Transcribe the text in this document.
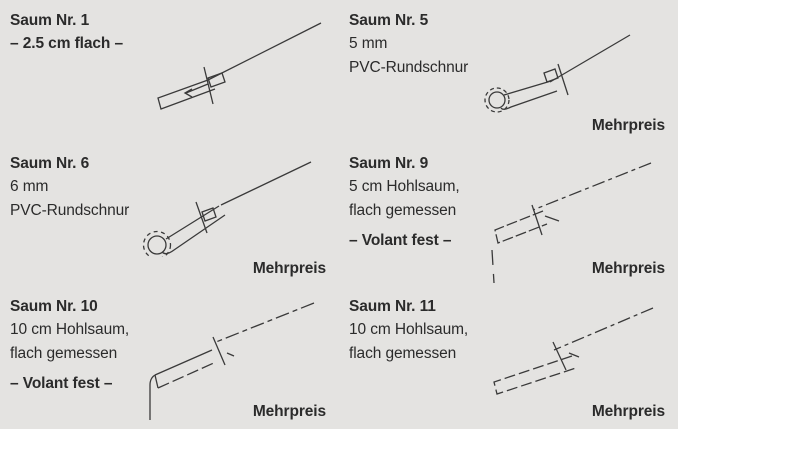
Saum Nr. 1
– 2.5 cm flach –
Saum Nr. 5
5 mm
PVC-Rundschnur
Mehrpreis
Saum Nr. 6
6 mm
PVC-Rundschnur
Mehrpreis
Saum Nr. 9
5 cm Hohlsaum,
flach gemessen
– Volant fest –
Mehrpreis
Saum Nr. 10
10 cm Hohlsaum,
flach gemessen
– Volant fest –
Mehrpreis
Saum Nr. 11
10 cm Hohlsaum,
flach gemessen
Mehrpreis
